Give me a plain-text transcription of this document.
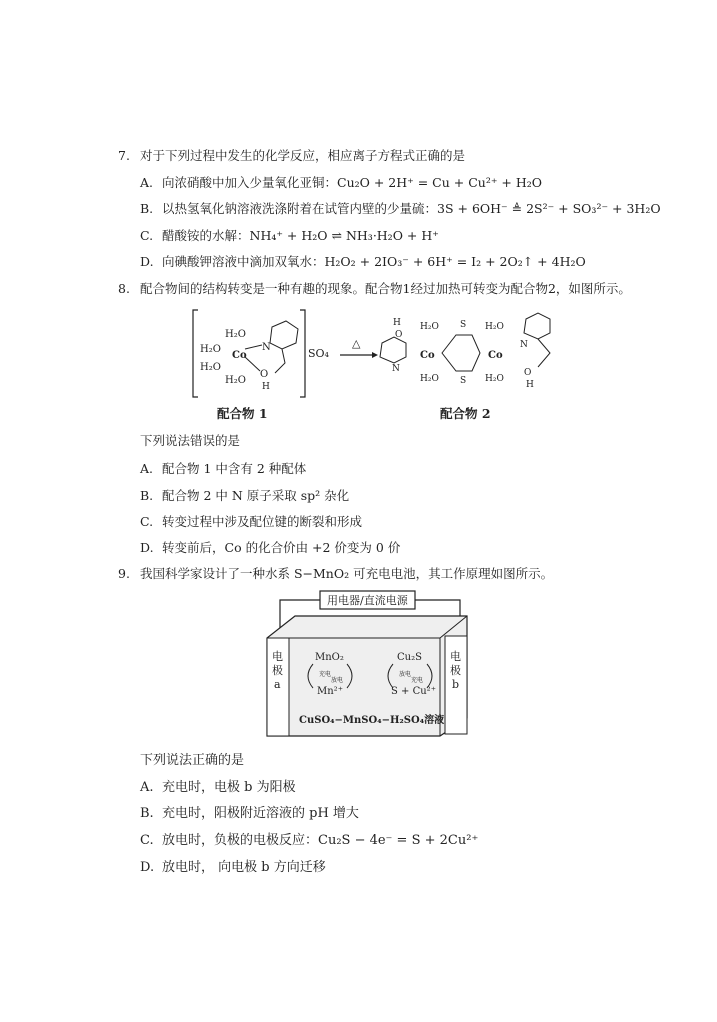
7. 对于下列过程中发生的化学反应，相应离子方程式正确的是
A. 向浓硝酸中加入少量氧化亚铜：Cu₂O + 2H⁺ = Cu + Cu²⁺ + H₂O
B. 以热氢氧化钠溶液洗涤附着在试管内壁的少量硫：3S + 6OH⁻ ≜ 2S²⁻ + SO₃²⁻ + 3H₂O
C. 醋酸铵的水解：NH₄⁺ + H₂O ⇌ NH₃·H₂O + H⁺
D. 向碘酸钾溶液中滴加双氧水：H₂O₂ + 2IO₃⁻ + 6H⁺ = I₂ + 2O₂↑ + 4H₂O
8. 配合物间的结构转变是一种有趣的现象。配合物1经过加热可转变为配合物2，如图所示。
H₂O
H₂O
Co
H₂O
H₂O
N
O
H
SO₄
△
N
H
O
H₂O
Co
H₂O
S
S
Co
H₂O
H₂O
N
O
H
配合物 1	配合物 2
下列说法错误的是
A. 配合物 1 中含有 2 种配体
B. 配合物 2 中 N 原子采取 sp² 杂化
C. 转变过程中涉及配位键的断裂和形成
D. 转变前后，Co 的化合价由 +2 价变为 0 价
9. 我国科学家设计了一种水系 S−MnO₂ 可充电电池，其工作原理如图所示。
用电器/直流电源
电
极
a
电
极
b
MnO₂
Mn²⁺
充电
放电
Cu₂S
S + Cu²⁺
放电
充电
CuSO₄−MnSO₄−H₂SO₄溶液
下列说法正确的是
A. 充电时，电极 b 为阳极
B. 充电时，阳极附近溶液的 pH 增大
C. 放电时，负极的电极反应：Cu₂S − 4e⁻ = S + 2Cu²⁺
D. 放电时， 向电极 b 方向迁移
